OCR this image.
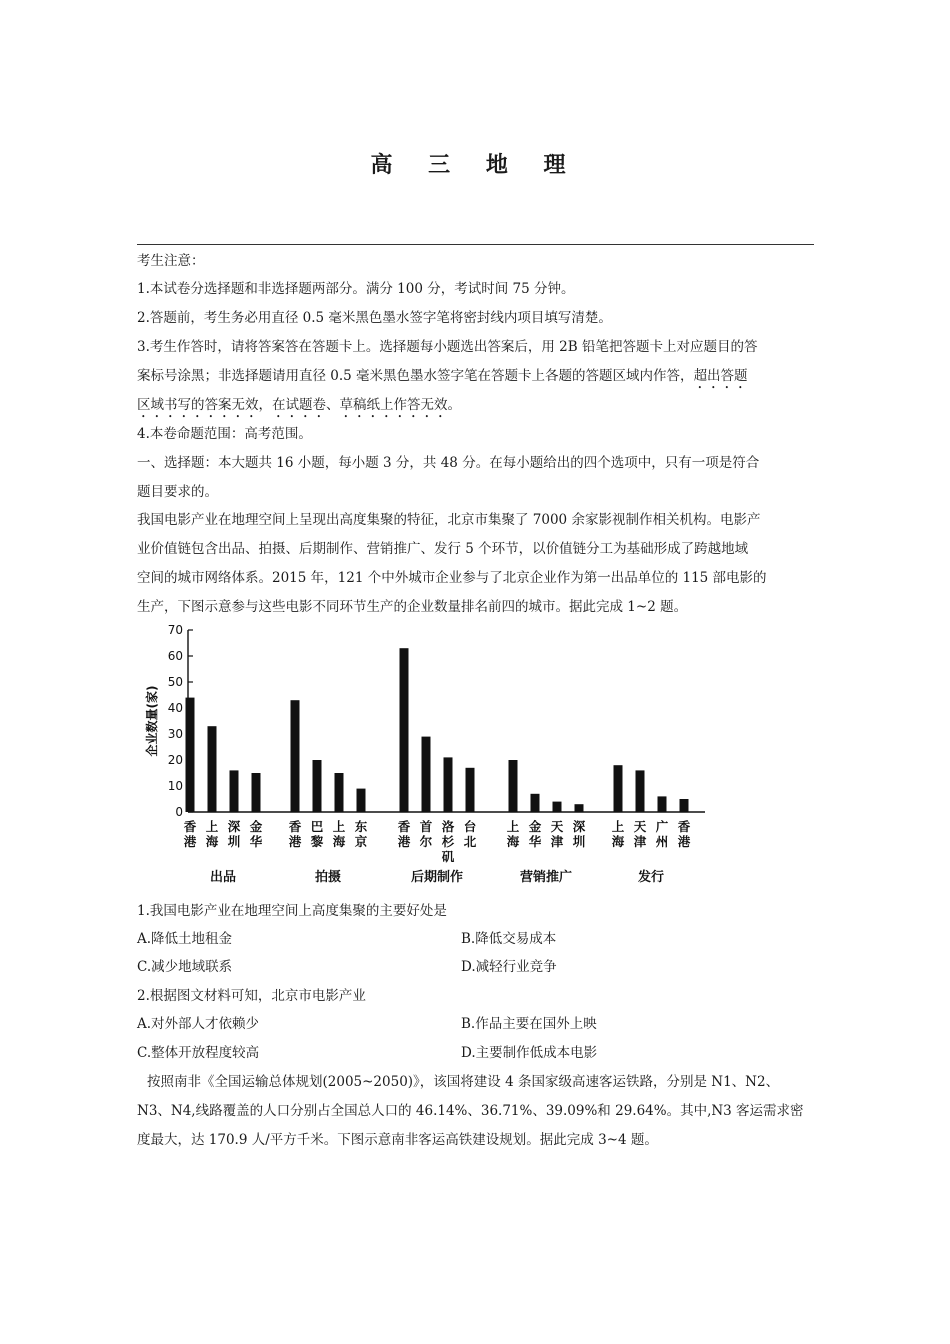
高 三 地 理
考生注意：
1.本试卷分选择题和非选择题两部分。满分 100 分，考试时间 75 分钟。
2.答题前，考生务必用直径 0.5 毫米黑色墨水签字笔将密封线内项目填写清楚。
3.考生作答时，请将答案答在答题卡上。选择题每小题选出答案后，用 2B 铅笔把答题卡上对应题目的答
案标号涂黑；非选择题请用直径 0.5 毫米黑色墨水签字笔在答题卡上各题的答题区域内作答，超出答题
区域书写的答案无效，在试题卷、草稿纸上作答无效。
4.本卷命题范围：高考范围。
一、选择题：本大题共 16 小题，每小题 3 分，共 48 分。在每小题给出的四个选项中，只有一项是符合
题目要求的。
我国电影产业在地理空间上呈现出高度集聚的特征，北京市集聚了 7000 余家影视制作相关机构。电影产
业价值链包含出品、拍摄、后期制作、营销推广、发行 5 个环节，以价值链分工为基础形成了跨越地域
空间的城市网络体系。2015 年，121 个中外城市企业参与了北京企业作为第一出品单位的 115 部电影的
生产，下图示意参与这些电影不同环节生产的企业数量排名前四的城市。据此完成 1~2 题。
0
10
20
30
40
50
60
70
企业数量(家)
香
港
上
海
深
圳
金
华
出品
香
港
巴
黎
上
海
东
京
拍摄
香
港
首
尔
洛
杉
矶
台
北
后期制作
上
海
金
华
天
津
深
圳
营销推广
上
海
天
津
广
州
香
港
发行
1.我国电影产业在地理空间上高度集聚的主要好处是
A.降低土地租金	B.降低交易成本
C.减少地域联系	D.减轻行业竞争
2.根据图文材料可知，北京市电影产业
A.对外部人才依赖少	B.作品主要在国外上映
C.整体开放程度较高	D.主要制作低成本电影
按照南非《全国运输总体规划(2005~2050)》，该国将建设 4 条国家级高速客运铁路，分别是 N1、N2、
N3、N4,线路覆盖的人口分别占全国总人口的 46.14%、36.71%、39.09%和 29.64%。其中,N3 客运需求密
度最大，达 170.9 人/平方千米。下图示意南非客运高铁建设规划。据此完成 3~4 题。
